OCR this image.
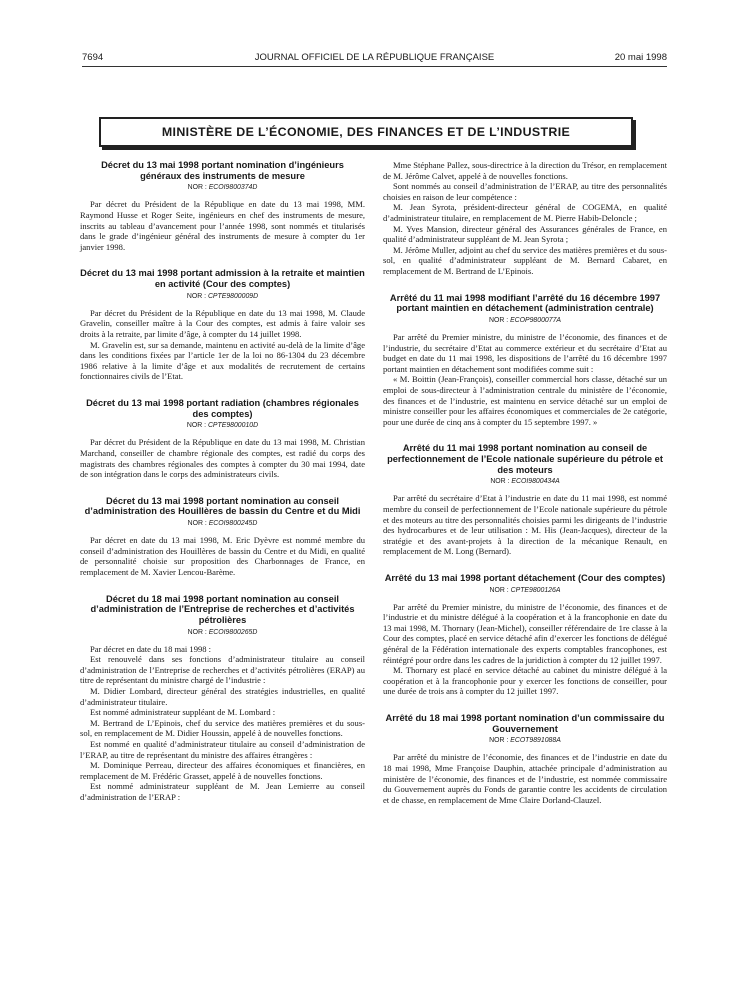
7694	JOURNAL OFFICIEL DE LA RÉPUBLIQUE FRANÇAISE	20 mai 1998
MINISTÈRE DE L’ÉCONOMIE, DES FINANCES ET DE L’INDUSTRIE
Décret du 13 mai 1998 portant nomination d’ingénieurs généraux des instruments de mesure
NOR : ECOI9800374D

Par décret du Président de la République en date du 13 mai 1998, MM. Raymond Husse et Roger Seite, ingénieurs en chef des instruments de mesure, inscrits au tableau d’avancement pour l’année 1998, sont nommés et titularisés dans le grade d’ingénieur général des instruments de mesure à compter du 1er janvier 1998.

Décret du 13 mai 1998 portant admission à la retraite et maintien en activité (Cour des comptes)
NOR : CPTE9800009D

Par décret du Président de la République en date du 13 mai 1998, M. Claude Gravelin, conseiller maître à la Cour des comptes, est admis à faire valoir ses droits à la retraite, par limite d’âge, à compter du 14 juillet 1998.

M. Gravelin est, sur sa demande, maintenu en activité au-delà de la limite d’âge dans les conditions fixées par l’article 1er de la loi no 86-1304 du 23 décembre 1986 relative à la limite d’âge et aux modalités de recrutement de certains fonctionnaires civils de l’Etat.

Décret du 13 mai 1998 portant radiation (chambres régionales des comptes)
NOR : CPTE9800010D

Par décret du Président de la République en date du 13 mai 1998, M. Christian Marchand, conseiller de chambre régionale des comptes, est radié du corps des magistrats des chambres régionales des comptes à compter du 30 mai 1994, date de son intégration dans le corps des administrateurs civils.

Décret du 13 mai 1998 portant nomination au conseil d’administration des Houillères de bassin du Centre et du Midi
NOR : ECOI9800245D

Par décret en date du 13 mai 1998, M. Eric Dyèvre est nommé membre du conseil d’administration des Houillères de bassin du Centre et du Midi, en qualité de personnalité choisie sur proposition des Charbonnages de France, en remplacement de M. Xavier Lencou-Barème.

Décret du 18 mai 1998 portant nomination au conseil d’administration de l’Entreprise de recherches et d’activités pétrolières
NOR : ECOI9800265D

Par décret en date du 18 mai 1998 :

Est renouvelé dans ses fonctions d’administrateur titulaire au conseil d’administration de l’Entreprise de recherches et d’activités pétrolières (ERAP) au titre de représentant du ministre chargé de l’industrie :

M. Didier Lombard, directeur général des stratégies industrielles, en qualité d’administrateur titulaire.

Est nommé administrateur suppléant de M. Lombard :

M. Bertrand de L’Epinois, chef du service des matières premières et du sous-sol, en remplacement de M. Didier Houssin, appelé à de nouvelles fonctions.

Est nommé en qualité d’administrateur titulaire au conseil d’administration de l’ERAP, au titre de représentant du ministre des affaires étrangères :

M. Dominique Perreau, directeur des affaires économiques et financières, en remplacement de M. Frédéric Grasset, appelé à de nouvelles fonctions.

Est nommé administrateur suppléant de M. Jean Lemierre au conseil d’administration de l’ERAP :

Mme Stéphane Pallez, sous-directrice à la direction du Trésor, en remplacement de M. Jérôme Calvet, appelé à de nouvelles fonctions.

Sont nommés au conseil d’administration de l’ERAP, au titre des personnalités choisies en raison de leur compétence :

M. Jean Syrota, président-directeur général de COGEMA, en qualité d’administrateur titulaire, en remplacement de M. Pierre Habib-Deloncle ;

M. Yves Mansion, directeur général des Assurances générales de France, en qualité d’administrateur suppléant de M. Jean Syrota ;

M. Jérôme Muller, adjoint au chef du service des matières premières et du sous-sol, en qualité d’administrateur suppléant de M. Bernard Cabaret, en remplacement de M. Bertrand de L’Epinois.

Arrêté du 11 mai 1998 modifiant l’arrêté du 16 décembre 1997 portant maintien en détachement (administration centrale)
NOR : ECOP9800077A

Par arrêté du Premier ministre, du ministre de l’économie, des finances et de l’industrie, du secrétaire d’Etat au commerce extérieur et du secrétaire d’Etat au budget en date du 11 mai 1998, les dispositions de l’arrêté du 16 décembre 1997 portant maintien en détachement sont modifiées comme suit :

« M. Boittin (Jean-François), conseiller commercial hors classe, détaché sur un emploi de sous-directeur à l’administration centrale du ministère de l’économie, des finances et de l’industrie, est maintenu en service détaché sur un emploi de ministre conseiller pour les affaires économiques et commerciales de 2e catégorie, pour une durée de cinq ans à compter du 15 septembre 1997. »

Arrêté du 11 mai 1998 portant nomination au conseil de perfectionnement de l’Ecole nationale supérieure du pétrole et des moteurs
NOR : ECOI9800434A

Par arrêté du secrétaire d’Etat à l’industrie en date du 11 mai 1998, est nommé membre du conseil de perfectionnement de l’Ecole nationale supérieure du pétrole et des moteurs au titre des personnalités choisies parmi les dirigeants de l’industrie des hydrocarbures et de leur utilisation : M. His (Jean-Jacques), directeur de la stratégie et des avant-projets à la direction de la mécanique Renault, en remplacement de M. Long (Bernard).

Arrêté du 13 mai 1998 portant détachement (Cour des comptes)
NOR : CPTE9800126A

Par arrêté du Premier ministre, du ministre de l’économie, des finances et de l’industrie et du ministre délégué à la coopération et à la francophonie en date du 13 mai 1998, M. Thornary (Jean-Michel), conseiller référendaire de 1re classe à la Cour des comptes, placé en service détaché afin d’exercer les fonctions de délégué général de la Fédération internationale des experts comptables francophones, est réintégré pour ordre dans les cadres de la juridiction à compter du 12 juillet 1997.

M. Thornary est placé en service détaché au cabinet du ministre délégué à la coopération et à la francophonie pour y exercer les fonctions de conseiller, pour une durée de trois ans à compter du 12 juillet 1997.

Arrêté du 18 mai 1998 portant nomination d’un commissaire du Gouvernement
NOR : ECOT9891088A

Par arrêté du ministre de l’économie, des finances et de l’industrie en date du 18 mai 1998, Mme Françoise Dauphin, attachée principale d’administration au ministère de l’économie, des finances et de l’industrie, est nommée commissaire du Gouvernement auprès du Fonds de garantie contre les accidents de circulation et de chasse, en remplacement de Mme Claire Dorland-Clauzel.
